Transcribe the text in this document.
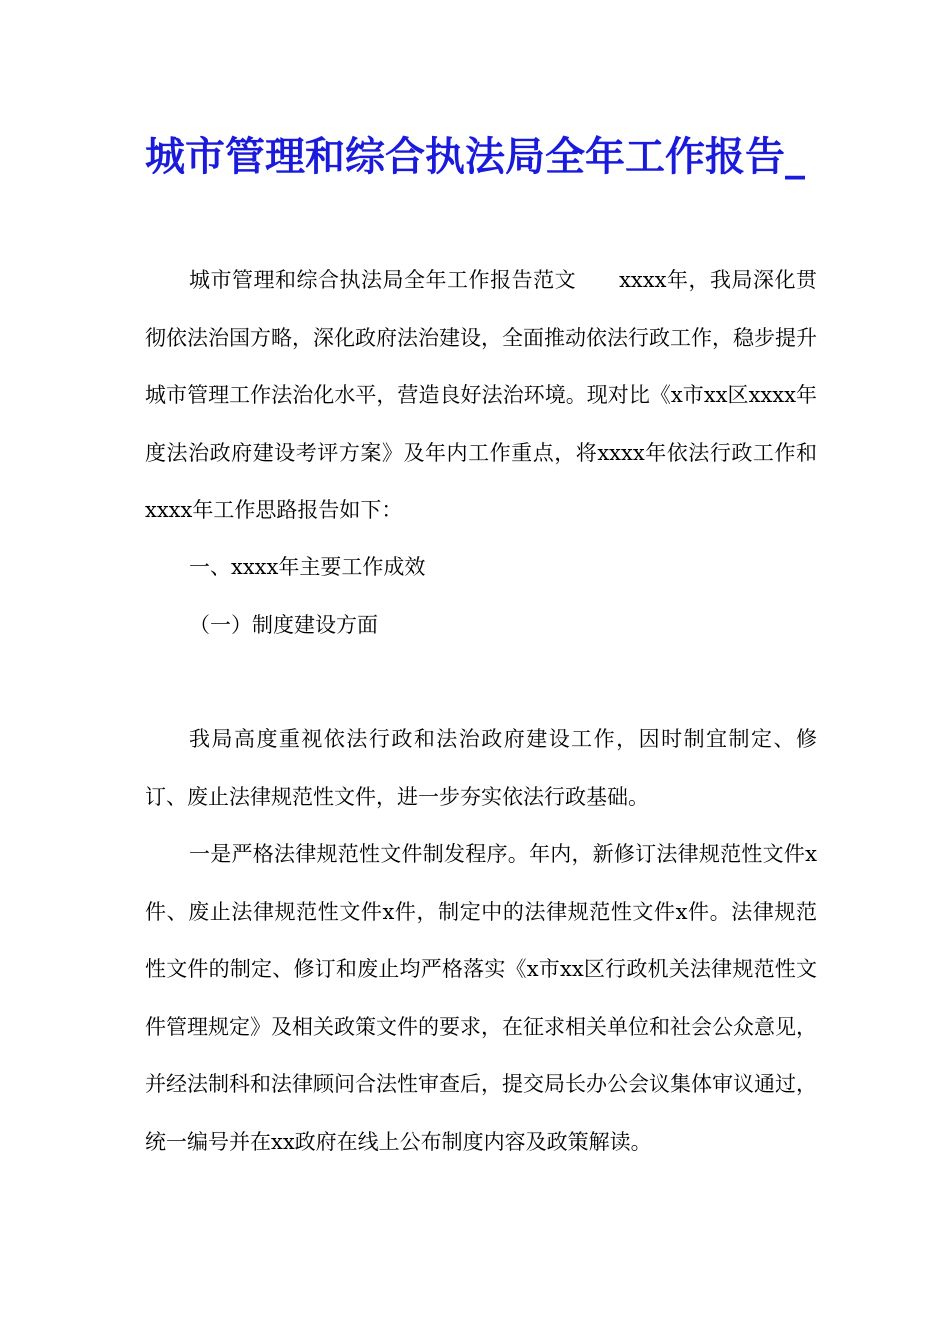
城市管理和综合执法局全年工作报告_

城市管理和综合执法局全年工作报告范文　　xxxx年，我局深化贯彻依法治国方略，深化政府法治建设，全面推动依法行政工作，稳步提升城市管理工作法治化水平，营造良好法治环境。现对比《x市xx区xxxx年度法治政府建设考评方案》及年内工作重点，将xxxx年依法行政工作和xxxx年工作思路报告如下：

一、xxxx年主要工作成效

（一）制度建设方面

我局高度重视依法行政和法治政府建设工作，因时制宜制定、修订、废止法律规范性文件，进一步夯实依法行政基础。

一是严格法律规范性文件制发程序。年内，新修订法律规范性文件x件、废止法律规范性文件x件，制定中的法律规范性文件x件。法律规范性文件的制定、修订和废止均严格落实《x市xx区行政机关法律规范性文件管理规定》及相关政策文件的要求，在征求相关单位和社会公众意见，并经法制科和法律顾问合法性审查后，提交局长办公会议集体审议通过，统一编号并在xx政府在线上公布制度内容及政策解读。
